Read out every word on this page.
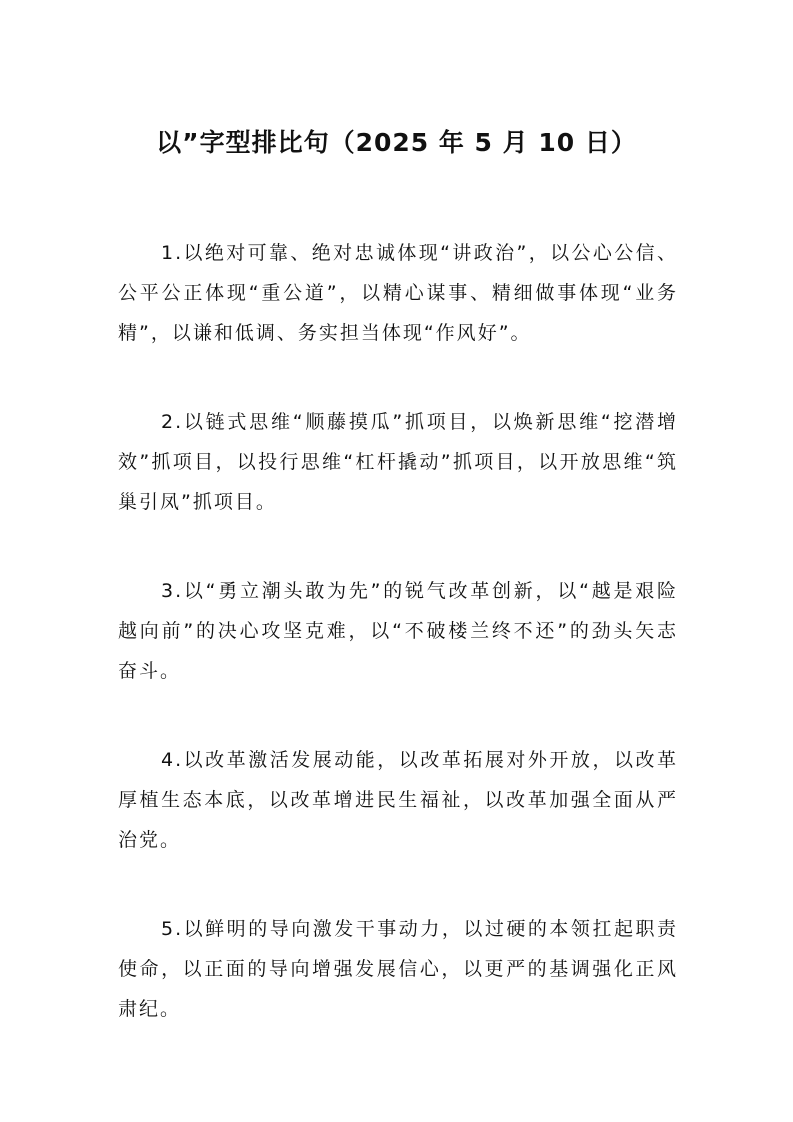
以”字型排比句（2025 年 5 月 10 日）

1.以绝对可靠、绝对忠诚体现“讲政治”，以公心公信、公平公正体现“重公道”，以精心谋事、精细做事体现“业务精”，以谦和低调、务实担当体现“作风好”。

2.以链式思维“顺藤摸瓜”抓项目，以焕新思维“挖潜增效”抓项目，以投行思维“杠杆撬动”抓项目，以开放思维“筑巢引凤”抓项目。

3.以“勇立潮头敢为先”的锐气改革创新，以“越是艰险越向前”的决心攻坚克难，以“不破楼兰终不还”的劲头矢志奋斗。

4.以改革激活发展动能，以改革拓展对外开放，以改革厚植生态本底，以改革增进民生福祉，以改革加强全面从严治党。

5.以鲜明的导向激发干事动力，以过硬的本领扛起职责使命，以正面的导向增强发展信心，以更严的基调强化正风肃纪。
